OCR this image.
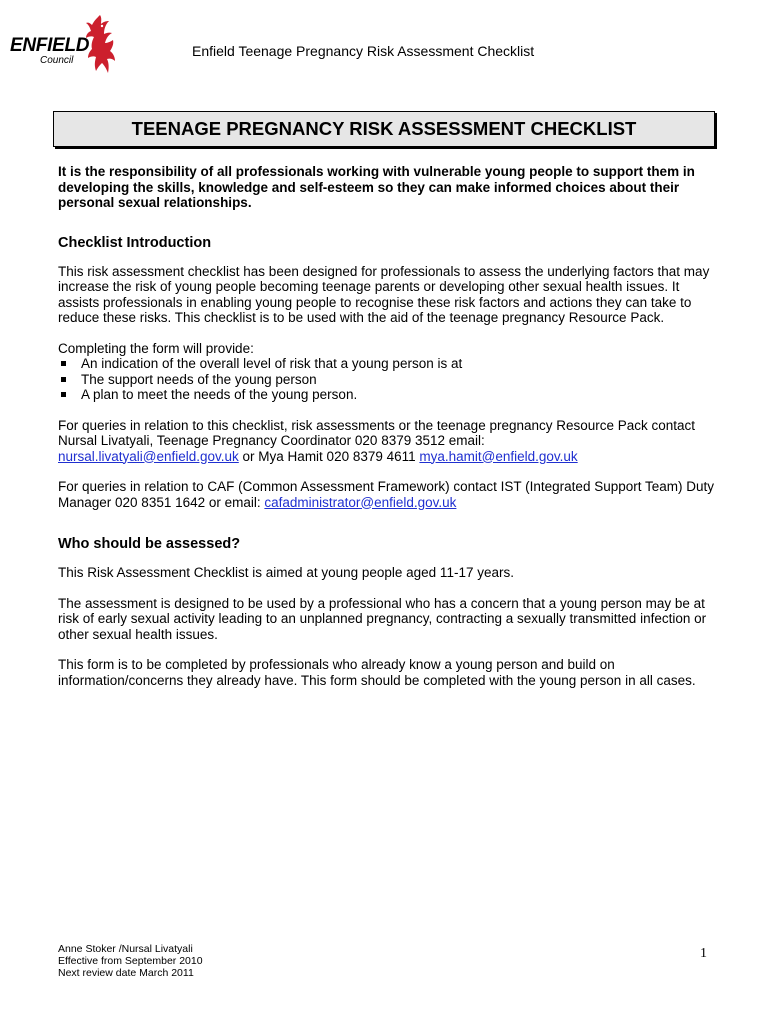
ENFIELD
Council
Enfield Teenage Pregnancy Risk Assessment Checklist
TEENAGE PREGNANCY RISK ASSESSMENT CHECKLIST

It is the responsibility of all professionals working with vulnerable young people to support them in developing the skills, knowledge and self-esteem so they can make informed choices about their personal sexual relationships.

Checklist Introduction

This risk assessment checklist has been designed for professionals to assess the underlying factors that may increase the risk of young people becoming teenage parents or developing other sexual health issues. It assists professionals in enabling young people to recognise these risk factors and actions they can take to reduce these risks. This checklist is to be used with the aid of the teenage pregnancy Resource Pack.

Completing the form will provide:
An indication of the overall level of risk that a young person is at
The support needs of the young person
A plan to meet the needs of the young person.

For queries in relation to this checklist, risk assessments or the teenage pregnancy Resource Pack contact Nursal Livatyali, Teenage Pregnancy Coordinator 020 8379 3512 email:
nursal.livatyali@enfield.gov.uk or Mya Hamit 020 8379 4611 mya.hamit@enfield.gov.uk

For queries in relation to CAF (Common Assessment Framework) contact IST (Integrated Support Team) Duty Manager 020 8351 1642 or email: cafadministrator@enfield.gov.uk

Who should be assessed?

This Risk Assessment Checklist is aimed at young people aged 11-17 years.

The assessment is designed to be used by a professional who has a concern that a young person may be at risk of early sexual activity leading to an unplanned pregnancy, contracting a sexually transmitted infection or other sexual health issues.

This form is to be completed by professionals who already know a young person and build on information/concerns they already have. This form should be completed with the young person in all cases.

Anne Stoker /Nursal Livatyali
Effective from September 2010
Next review date March 2011
1
